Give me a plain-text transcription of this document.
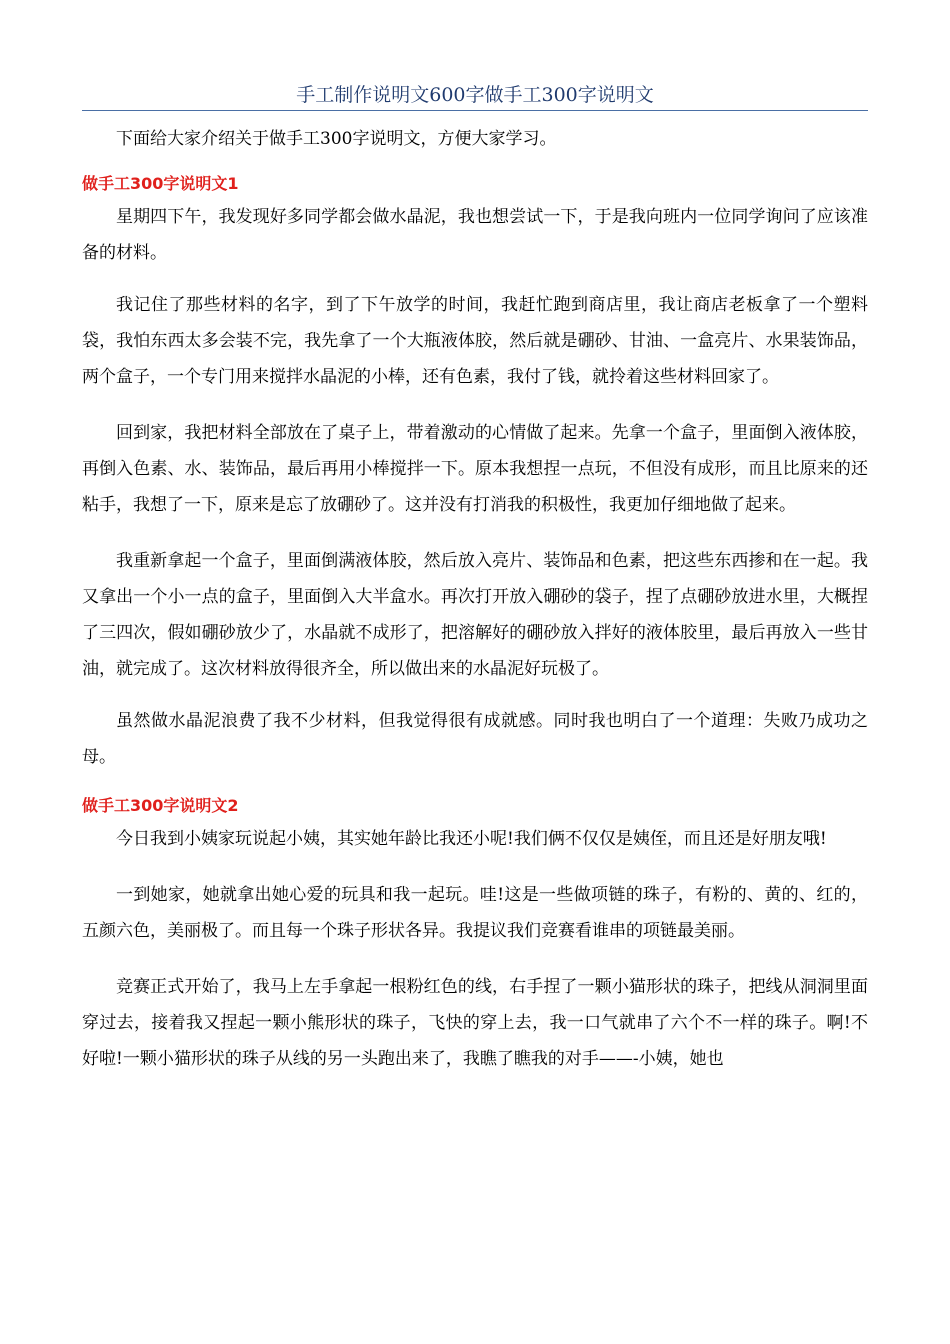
手工制作说明文600字做手工300字说明文

下面给大家介绍关于做手工300字说明文，方便大家学习。

做手工300字说明文1

星期四下午，我发现好多同学都会做水晶泥，我也想尝试一下，于是我向班内一位同学询问了应该准备的材料。

我记住了那些材料的名字，到了下午放学的时间，我赶忙跑到商店里，我让商店老板拿了一个塑料袋，我怕东西太多会装不完，我先拿了一个大瓶液体胶，然后就是硼砂、甘油、一盒亮片、水果装饰品，两个盒子，一个专门用来搅拌水晶泥的小棒，还有色素，我付了钱，就拎着这些材料回家了。

回到家，我把材料全部放在了桌子上，带着激动的心情做了起来。先拿一个盒子，里面倒入液体胶，再倒入色素、水、装饰品，最后再用小棒搅拌一下。原本我想捏一点玩，不但没有成形，而且比原来的还粘手，我想了一下，原来是忘了放硼砂了。这并没有打消我的积极性，我更加仔细地做了起来。

我重新拿起一个盒子，里面倒满液体胶，然后放入亮片、装饰品和色素，把这些东西掺和在一起。我又拿出一个小一点的盒子，里面倒入大半盒水。再次打开放入硼砂的袋子，捏了点硼砂放进水里，大概捏了三四次，假如硼砂放少了，水晶就不成形了，把溶解好的硼砂放入拌好的液体胶里，最后再放入一些甘油，就完成了。这次材料放得很齐全，所以做出来的水晶泥好玩极了。

虽然做水晶泥浪费了我不少材料，但我觉得很有成就感。同时我也明白了一个道理：失败乃成功之母。

做手工300字说明文2

今日我到小姨家玩说起小姨，其实她年龄比我还小呢!我们俩不仅仅是姨侄，而且还是好朋友哦!

一到她家，她就拿出她心爱的玩具和我一起玩。哇!这是一些做项链的珠子，有粉的、黄的、红的，五颜六色，美丽极了。而且每一个珠子形状各异。我提议我们竞赛看谁串的项链最美丽。

竞赛正式开始了，我马上左手拿起一根粉红色的线，右手捏了一颗小猫形状的珠子，把线从洞洞里面穿过去，接着我又捏起一颗小熊形状的珠子，飞快的穿上去，我一口气就串了六个不一样的珠子。啊!不好啦!一颗小猫形状的珠子从线的另一头跑出来了，我瞧了瞧我的对手——-小姨，她也
